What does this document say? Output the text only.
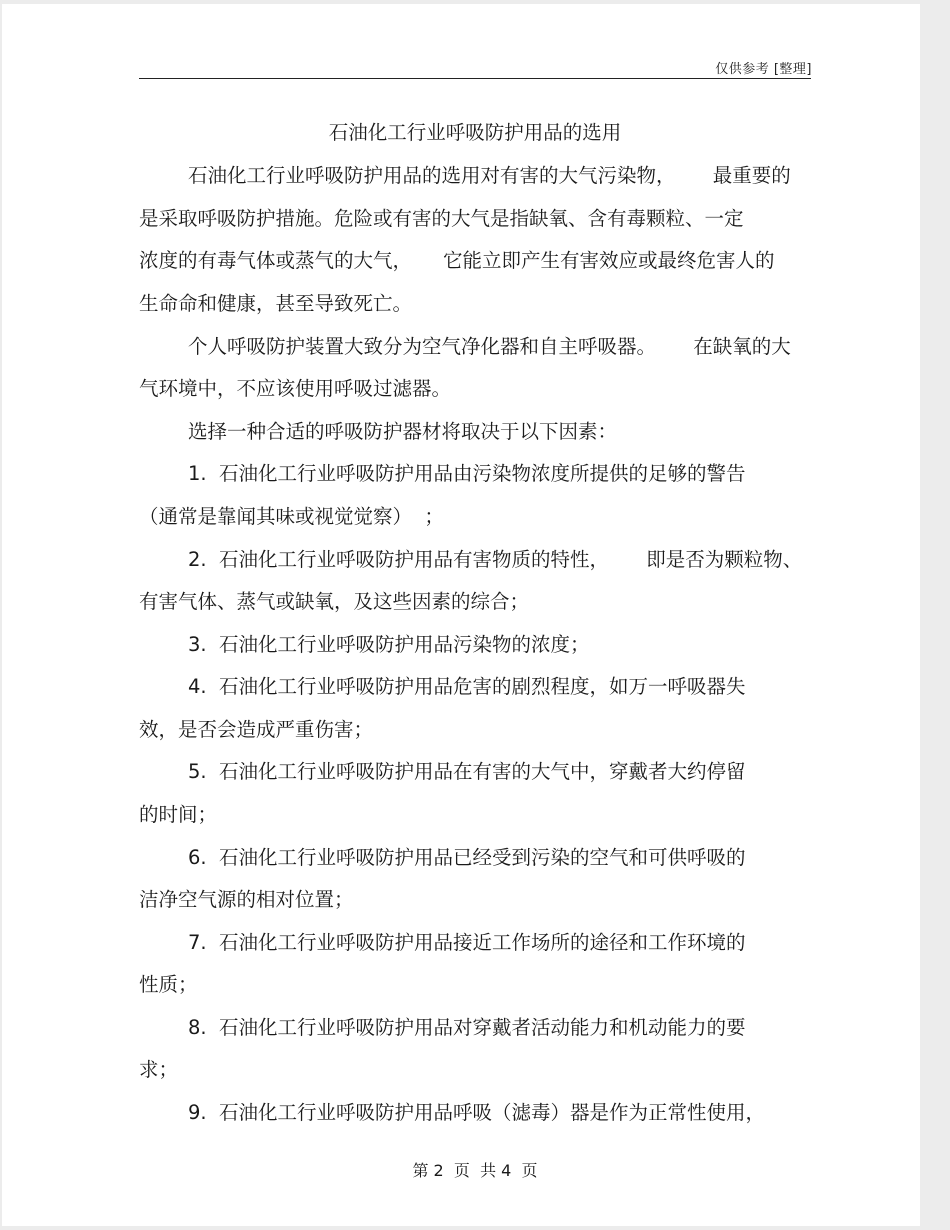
仅供参考 [整理]
石油化工行业呼吸防护用品的选用
石油化工行业呼吸防护用品的选用对有害的大气污染物，      最重要的
是采取呼吸防护措施。危险或有害的大气是指缺氧、含有毒颗粒、一定
浓度的有毒气体或蒸气的大气，     它能立即产生有害效应或最终危害人的
生命命和健康，甚至导致死亡。
个人呼吸防护装置大致分为空气净化器和自主呼吸器。      在缺氧的大
气环境中，不应该使用呼吸过滤器。
选择一种合适的呼吸防护器材将取决于以下因素：
1.  石油化工行业呼吸防护用品由污染物浓度所提供的足够的警告
（通常是靠闻其味或视觉觉察）  ；
2.  石油化工行业呼吸防护用品有害物质的特性，      即是否为颗粒物、
有害气体、蒸气或缺氧，及这些因素的综合；
3.  石油化工行业呼吸防护用品污染物的浓度；
4.  石油化工行业呼吸防护用品危害的剧烈程度，如万一呼吸器失
效，是否会造成严重伤害；
5.  石油化工行业呼吸防护用品在有害的大气中，穿戴者大约停留
的时间；
6.  石油化工行业呼吸防护用品已经受到污染的空气和可供呼吸的
洁净空气源的相对位置；
7.  石油化工行业呼吸防护用品接近工作场所的途径和工作环境的
性质；
8.  石油化工行业呼吸防护用品对穿戴者活动能力和机动能力的要
求；
9.  石油化工行业呼吸防护用品呼吸（滤毒）器是作为正常性使用，
第 2  页  共 4  页
